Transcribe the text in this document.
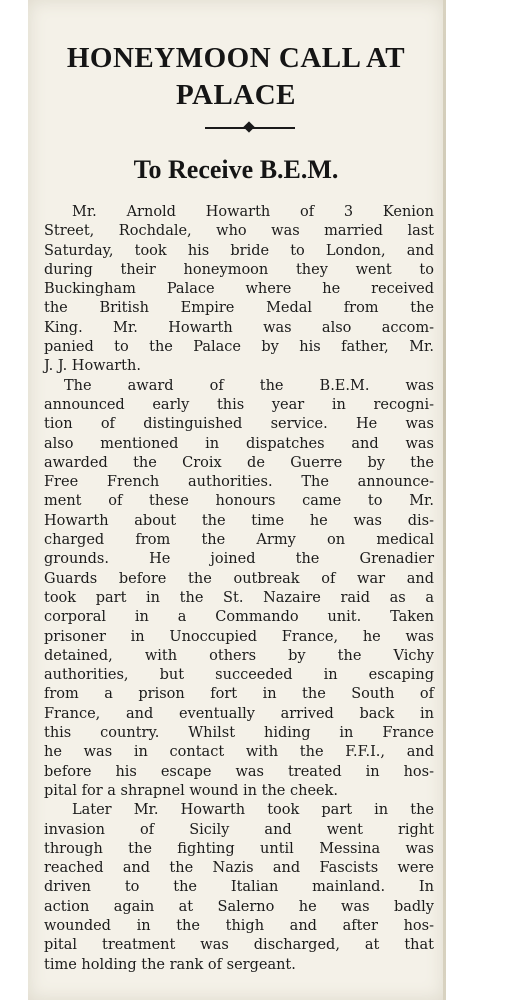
HONEYMOON CALL AT
PALACE
To Receive B.E.M.
Mr. Arnold Howarth of 3 Kenion
Street, Rochdale, who was married last
Saturday, took his bride to London, and
during their honeymoon they went to
Buckingham Palace where he received
the British Empire Medal from the
King. Mr. Howarth was also accom-
panied to the Palace by his father, Mr.
J. J. Howarth.
The award of the B.E.M. was
announced early this year in recogni-
tion of distinguished service. He was
also mentioned in dispatches and was
awarded the Croix de Guerre by the
Free French authorities. The announce-
ment of these honours came to Mr.
Howarth about the time he was dis-
charged from the Army on medical
grounds. He joined the Grenadier
Guards before the outbreak of war and
took part in the St. Nazaire raid as a
corporal in a Commando unit. Taken
prisoner in Unoccupied France, he was
detained, with others by the Vichy
authorities, but succeeded in escaping
from a prison fort in the South of
France, and eventually arrived back in
this country. Whilst hiding in France
he was in contact with the F.F.I., and
before his escape was treated in hos-
pital for a shrapnel wound in the cheek.
Later Mr. Howarth took part in the
invasion of Sicily and went right
through the fighting until Messina was
reached and the Nazis and Fascists were
driven to the Italian mainland. In
action again at Salerno he was badly
wounded in the thigh and after hos-
pital treatment was discharged, at that
time holding the rank of sergeant.
